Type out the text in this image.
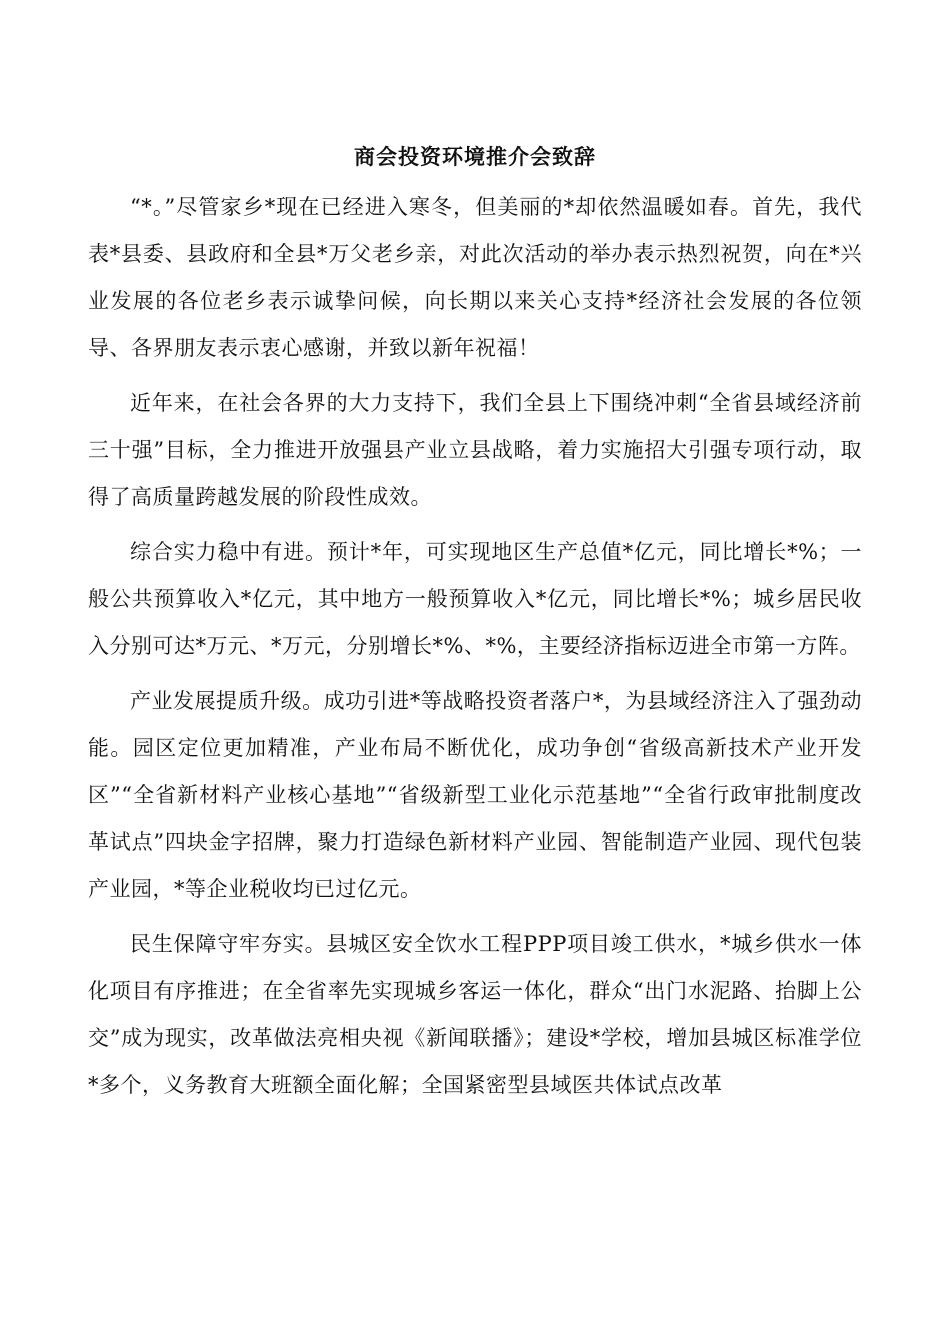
商会投资环境推介会致辞

“*。”尽管家乡*现在已经进入寒冬，但美丽的*却依然温暖如春。首先，我代表*县委、县政府和全县*万父老乡亲，对此次活动的举办表示热烈祝贺，向在*兴业发展的各位老乡表示诚挚问候，向长期以来关心支持*经济社会发展的各位领导、各界朋友表示衷心感谢，并致以新年祝福！

近年来，在社会各界的大力支持下，我们全县上下围绕冲刺“全省县域经济前三十强”目标，全力推进开放强县产业立县战略，着力实施招大引强专项行动，取得了高质量跨越发展的阶段性成效。

综合实力稳中有进。预计*年，可实现地区生产总值*亿元，同比增长*%；一般公共预算收入*亿元，其中地方一般预算收入*亿元，同比增长*%；城乡居民收入分别可达*万元、*万元，分别增长*%、*%，主要经济指标迈进全市第一方阵。

产业发展提质升级。成功引进*等战略投资者落户*，为县域经济注入了强劲动能。园区定位更加精准，产业布局不断优化，成功争创“省级高新技术产业开发区”“全省新材料产业核心基地”“省级新型工业化示范基地”“全省行政审批制度改革试点”四块金字招牌，聚力打造绿色新材料产业园、智能制造产业园、现代包装产业园，*等企业税收均已过亿元。

民生保障守牢夯实。县城区安全饮水工程PPP项目竣工供水，*城乡供水一体化项目有序推进；在全省率先实现城乡客运一体化，群众“出门水泥路、抬脚上公交”成为现实，改革做法亮相央视《新闻联播》；建设*学校，增加县城区标准学位*多个，义务教育大班额全面化解；全国紧密型县域医共体试点改革
